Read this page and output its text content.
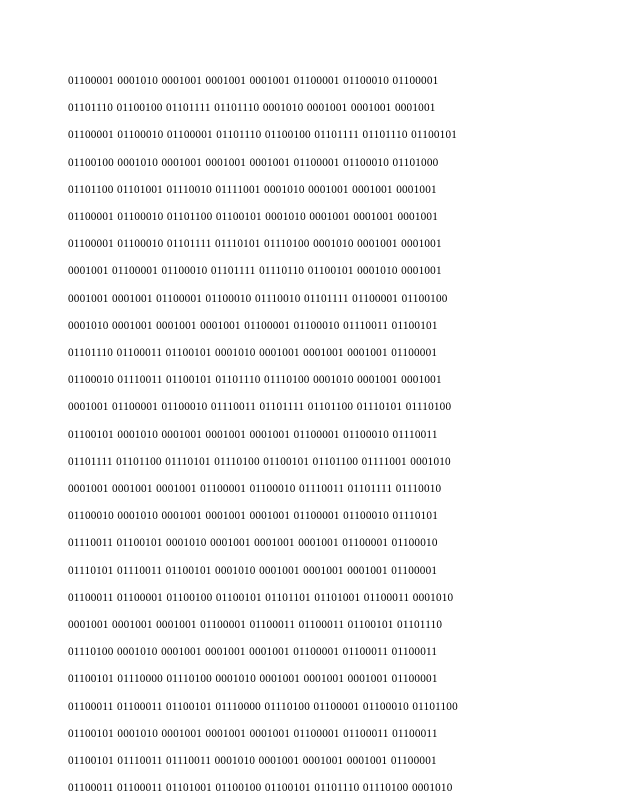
01100001 0001010 0001001 0001001 0001001 01100001 01100010 01100001
01101110 01100100 01101111 01101110 0001010 0001001 0001001 0001001
01100001 01100010 01100001 01101110 01100100 01101111 01101110 01100101
01100100 0001010 0001001 0001001 0001001 01100001 01100010 01101000
01101100 01101001 01110010 01111001 0001010 0001001 0001001 0001001
01100001 01100010 01101100 01100101 0001010 0001001 0001001 0001001
01100001 01100010 01101111 01110101 01110100 0001010 0001001 0001001
0001001 01100001 01100010 01101111 01110110 01100101 0001010 0001001
0001001 0001001 01100001 01100010 01110010 01101111 01100001 01100100
0001010 0001001 0001001 0001001 01100001 01100010 01110011 01100101
01101110 01100011 01100101 0001010 0001001 0001001 0001001 01100001
01100010 01110011 01100101 01101110 01110100 0001010 0001001 0001001
0001001 01100001 01100010 01110011 01101111 01101100 01110101 01110100
01100101 0001010 0001001 0001001 0001001 01100001 01100010 01110011
01101111 01101100 01110101 01110100 01100101 01101100 01111001 0001010
0001001 0001001 0001001 01100001 01100010 01110011 01101111 01110010
01100010 0001010 0001001 0001001 0001001 01100001 01100010 01110101
01110011 01100101 0001010 0001001 0001001 0001001 01100001 01100010
01110101 01110011 01100101 0001010 0001001 0001001 0001001 01100001
01100011 01100001 01100100 01100101 01101101 01101001 01100011 0001010
0001001 0001001 0001001 01100001 01100011 01100011 01100101 01101110
01110100 0001010 0001001 0001001 0001001 01100001 01100011 01100011
01100101 01110000 01110100 0001010 0001001 0001001 0001001 01100001
01100011 01100011 01100101 01110000 01110100 01100001 01100010 01101100
01100101 0001010 0001001 0001001 0001001 01100001 01100011 01100011
01100101 01110011 01110011 0001010 0001001 0001001 0001001 01100001
01100011 01100011 01101001 01100100 01100101 01101110 01110100 0001010
